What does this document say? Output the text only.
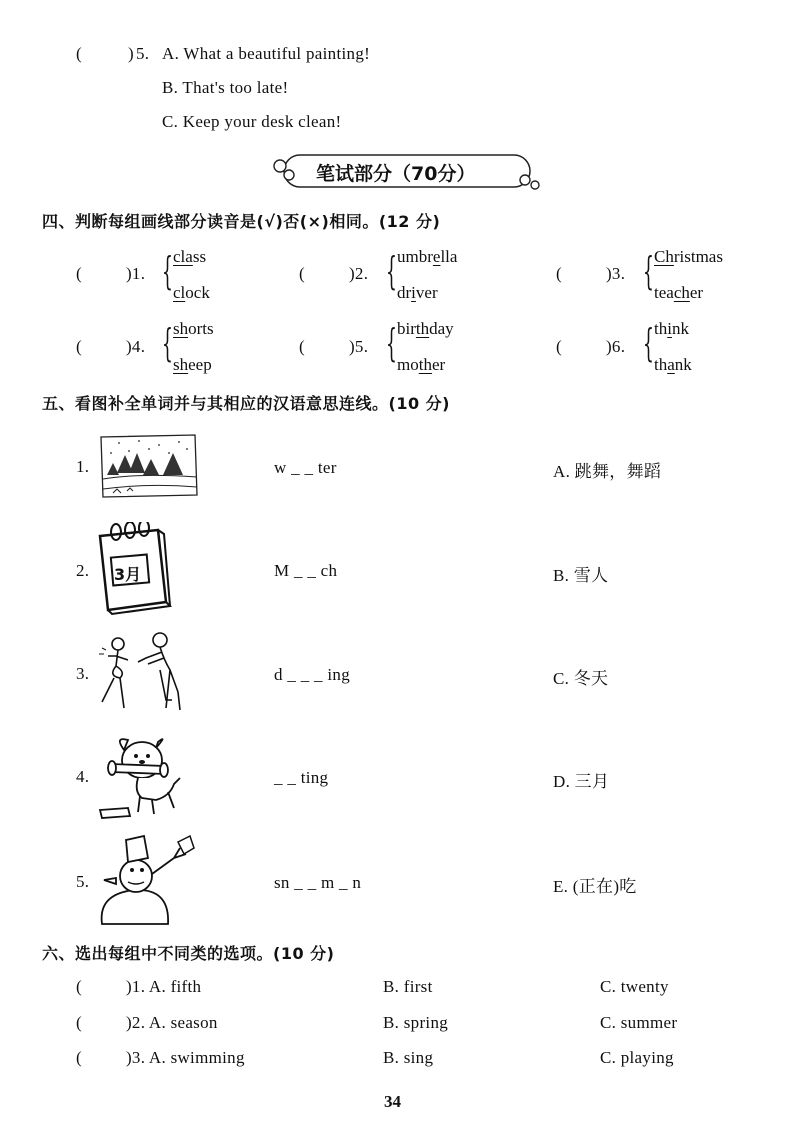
(	) 5. A. What a beautiful painting!
B. That's too late!
C. Keep your desk clean!
笔试部分（70分）
四、判断每组画线部分读音是(√)否(×)相同。(12 分)
(	)1. { class
clock
(	)2. { umbrella
driver
(	)3. { Christmas
teacher
(	)4. { shorts
sheep
(	)5. { birthday
mother
(	)6. { think
thank
五、看图补全单词并与其相应的汉语意思连线。(10 分)
1.	w _ _ ter	A. 跳舞，舞蹈
2. 3月	M _ _ ch	B. 雪人
3.	d _ _ _ ing	C. 冬天
4.	_ _ ting	D. 三月
5.	sn _ _ m _ n	E. (正在)吃
六、选出每组中不同类的选项。(10 分)
(	)1. A. fifth	B. first	C. twenty
(	)2. A. season	B. spring	C. summer
(	)3. A. swimming	B. sing	C. playing
34
